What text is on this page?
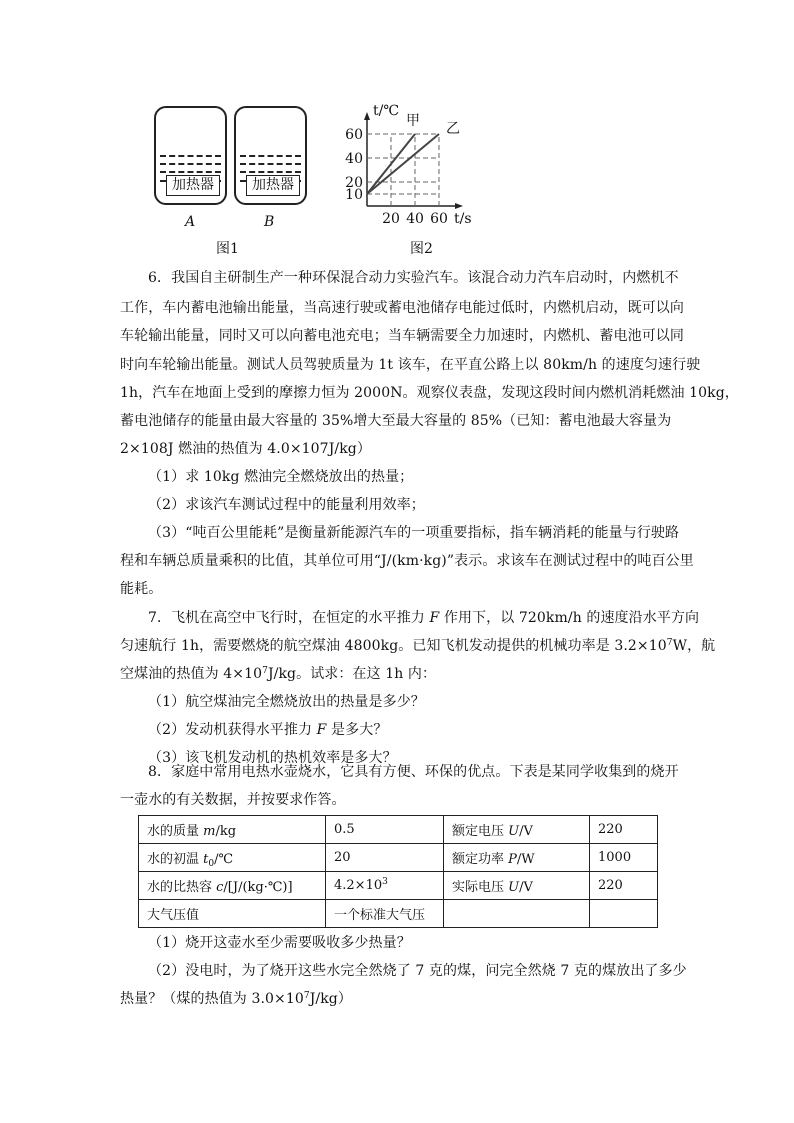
加热器	加热器
A	B
图1
20 40 60
60
40
20
10
t/℃
t/s
甲 乙
图2
6．我国自主研制生产一种环保混合动力实验汽车。该混合动力汽车启动时，内燃机不
工作，车内蓄电池输出能量，当高速行驶或蓄电池储存电能过低时，内燃机启动，既可以向
车轮输出能量，同时又可以向蓄电池充电；当车辆需要全力加速时，内燃机、蓄电池可以同
时向车轮输出能量。测试人员驾驶质量为 1t 该车，在平直公路上以 80km/h 的速度匀速行驶
1h，汽车在地面上受到的摩擦力恒为 2000N。观察仪表盘，发现这段时间内燃机消耗燃油 10kg，
蓄电池储存的能量由最大容量的 35%增大至最大容量的 85%（已知：蓄电池最大容量为
2×108J 燃油的热值为 4.0×107J/kg）
（1）求 10kg 燃油完全燃烧放出的热量；
（2）求该汽车测试过程中的能量利用效率；
（3）“吨百公里能耗”是衡量新能源汽车的一项重要指标，指车辆消耗的能量与行驶路
程和车辆总质量乘积的比值，其单位可用“J/(km·kg)”表示。求该车在测试过程中的吨百公里
能耗。
7．飞机在高空中飞行时，在恒定的水平推力 F 作用下，以 720km/h 的速度沿水平方向
匀速航行 1h，需要燃烧的航空煤油 4800kg。已知飞机发动提供的机械功率是 $3.2\times 10^7W$，航
空煤油的热值为 $4\times 10^7J/kg$。试求：在这 1h 内：
（1）航空煤油完全燃烧放出的热量是多少？
（2）发动机获得水平推力 F 是多大？
（3）该飞机发动机的热机效率是多大？
8．家庭中常用电热水壶烧水，它具有方便、环保的优点。下表是某同学收集到的烧开
一壶水的有关数据，并按要求作答。
水的质量 m/kg	0.5	额定电压 U/V	220
水的初温 $t_0/℃$	20	额定功率 P/W	1000
水的比热容 c/[J/(kg·℃)]	$4.2\times 10^3$	实际电压 U/V	220
大气压值	一个标准大气压		
（1）烧开这壶水至少需要吸收多少热量？
（2）没电时，为了烧开这些水完全然烧了 7 克的煤，问完全然烧 7 克的煤放出了多少
热量？（煤的热值为 $3.0\times 10^7J/kg$）
